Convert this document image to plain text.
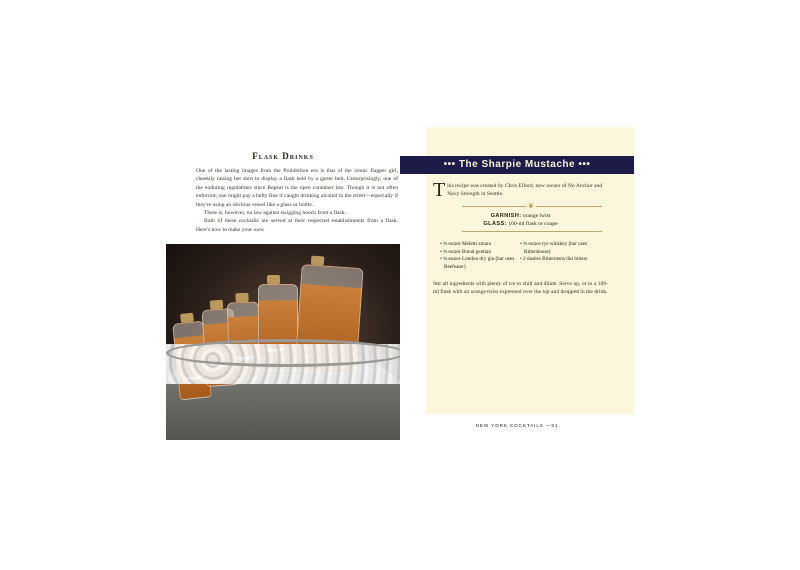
Flask Drinks

One of the lasting images from the Prohibition era is that of the iconic flapper girl, cheekily raising her skirt to display a flask held by a garter belt. Unsurprisingly, one of the enduring regulations since Repeal is the open container law. Though it is not often enforced, one might pay a hefty fine if caught drinking alcohol in the street—especially if they're using an obvious vessel like a glass or bottle.

There is, however, no law against swigging hooch from a flask.

Both of these cocktails are served at their respected establishments from a flask. Here's how to make your own:

••• The Sharpie Mustache •••
This recipe was created by Chris Elford, now owner of No Anchor and Navy Strength in Seattle.
❦
GARNISH: orange twist
GLASS: 100-ml flask or coupe
• ¾ ounce Meletti amaro
• ¾ ounce Bonal gentian
• ¾ ounce London dry gin (bar uses Beefeater)
• ¾ ounce rye whiskey (bar uses Rittenhouse)
• 2 dashes Bittermens tiki bitters
Stir all ingredients with plenty of ice to chill and dilute. Serve up, or in a 100-ml flask with an orange twist expressed over the top and dropped in the drink.
NEW YORK COCKTAILS —91
